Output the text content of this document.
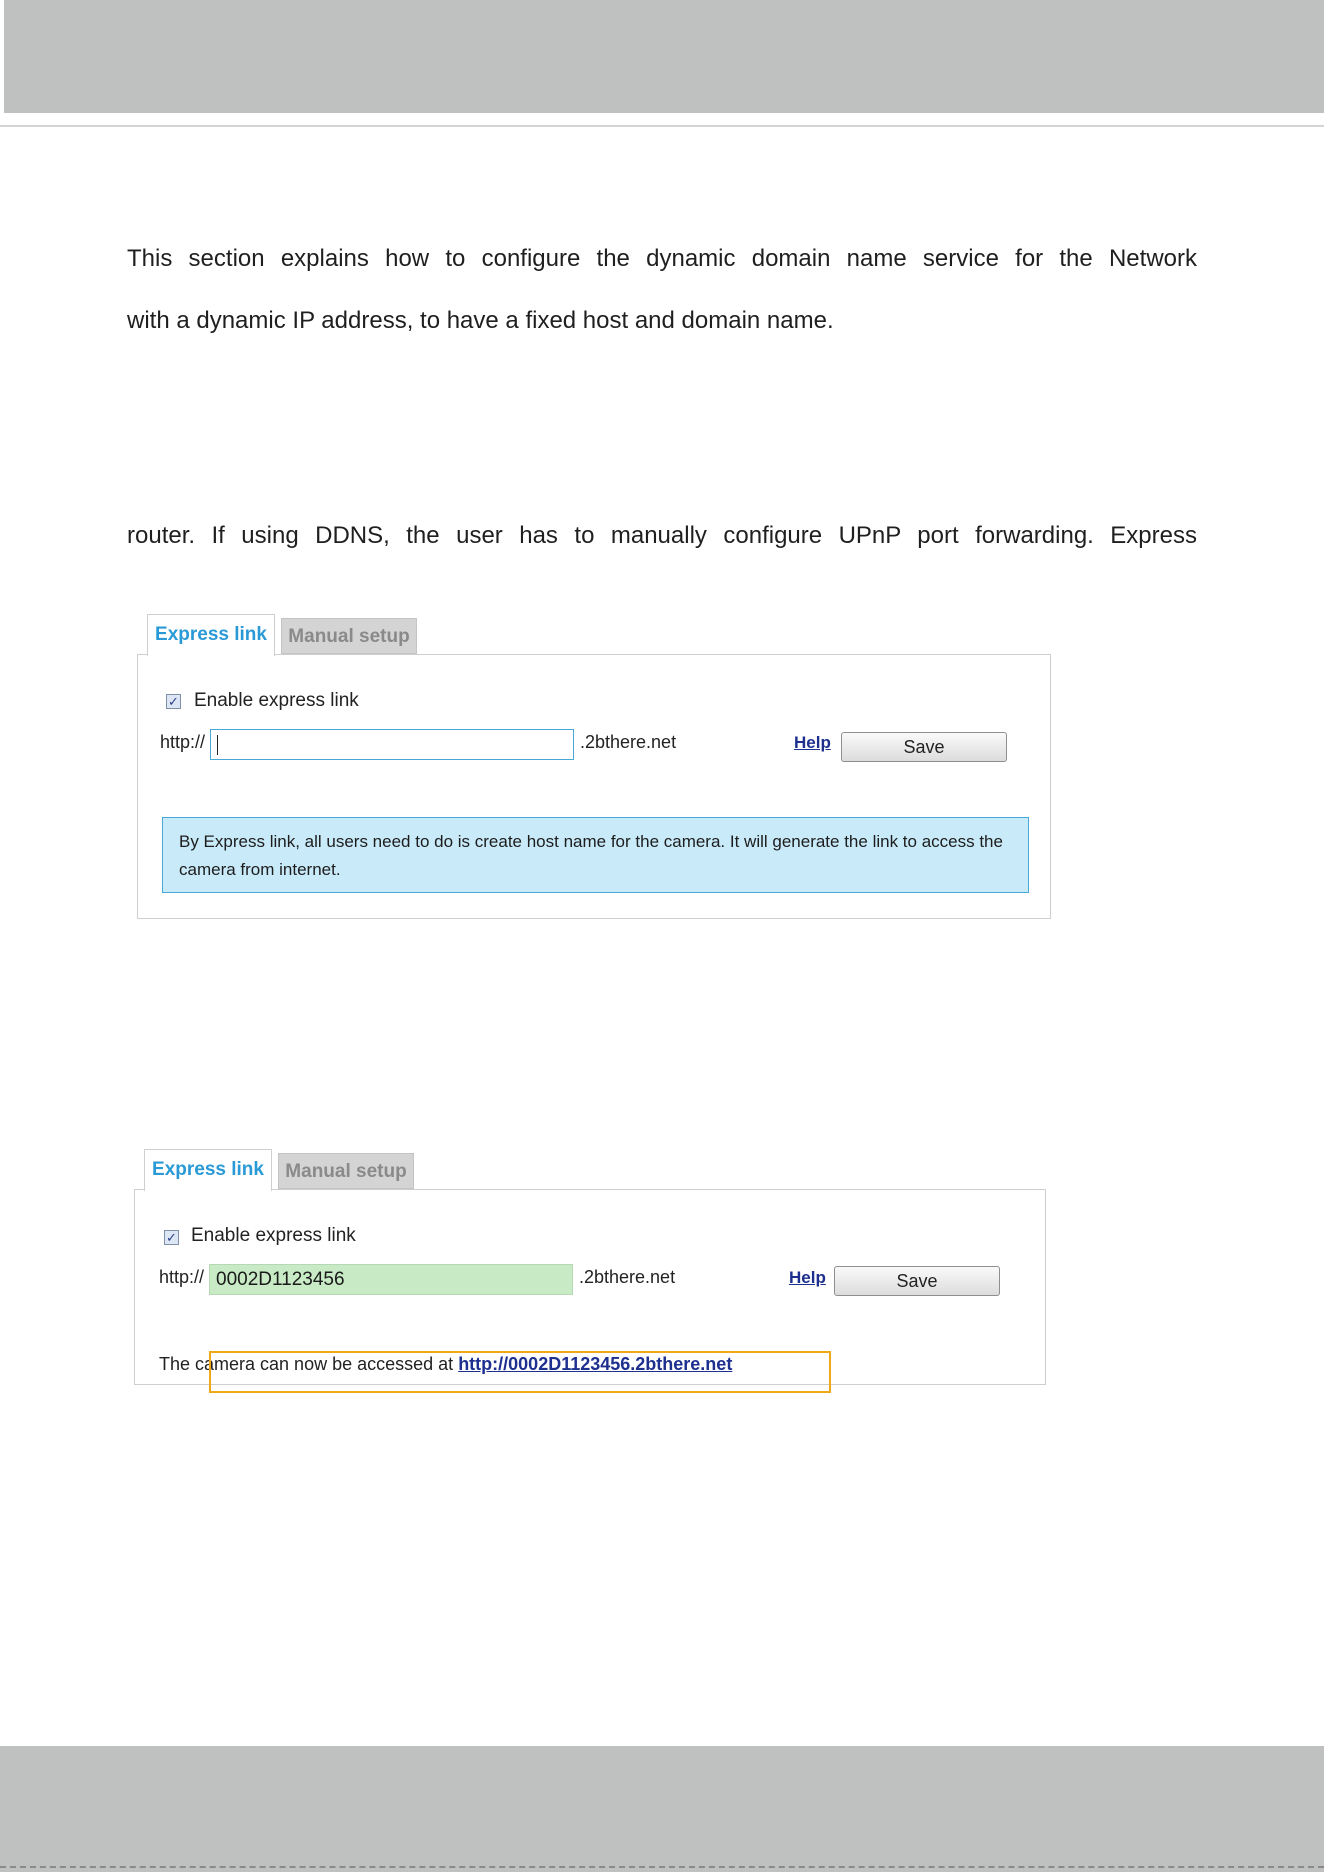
This section explains how to configure the dynamic domain name service for the Network
with a dynamic IP address, to have a fixed host and domain name.
router. If using DDNS, the user has to manually configure UPnP port forwarding. Express
Express link	Manual setup
✓ Enable express link
http://	.2bthere.net	Help	Save
By Express link, all users need to do is create host name for the camera. It will generate the link to access the camera from internet.
Express link	Manual setup
✓ Enable express link
http:// 0002D1123456	.2bthere.net	Help	Save
The camera can now be accessed at http://0002D1123456.2bthere.net
